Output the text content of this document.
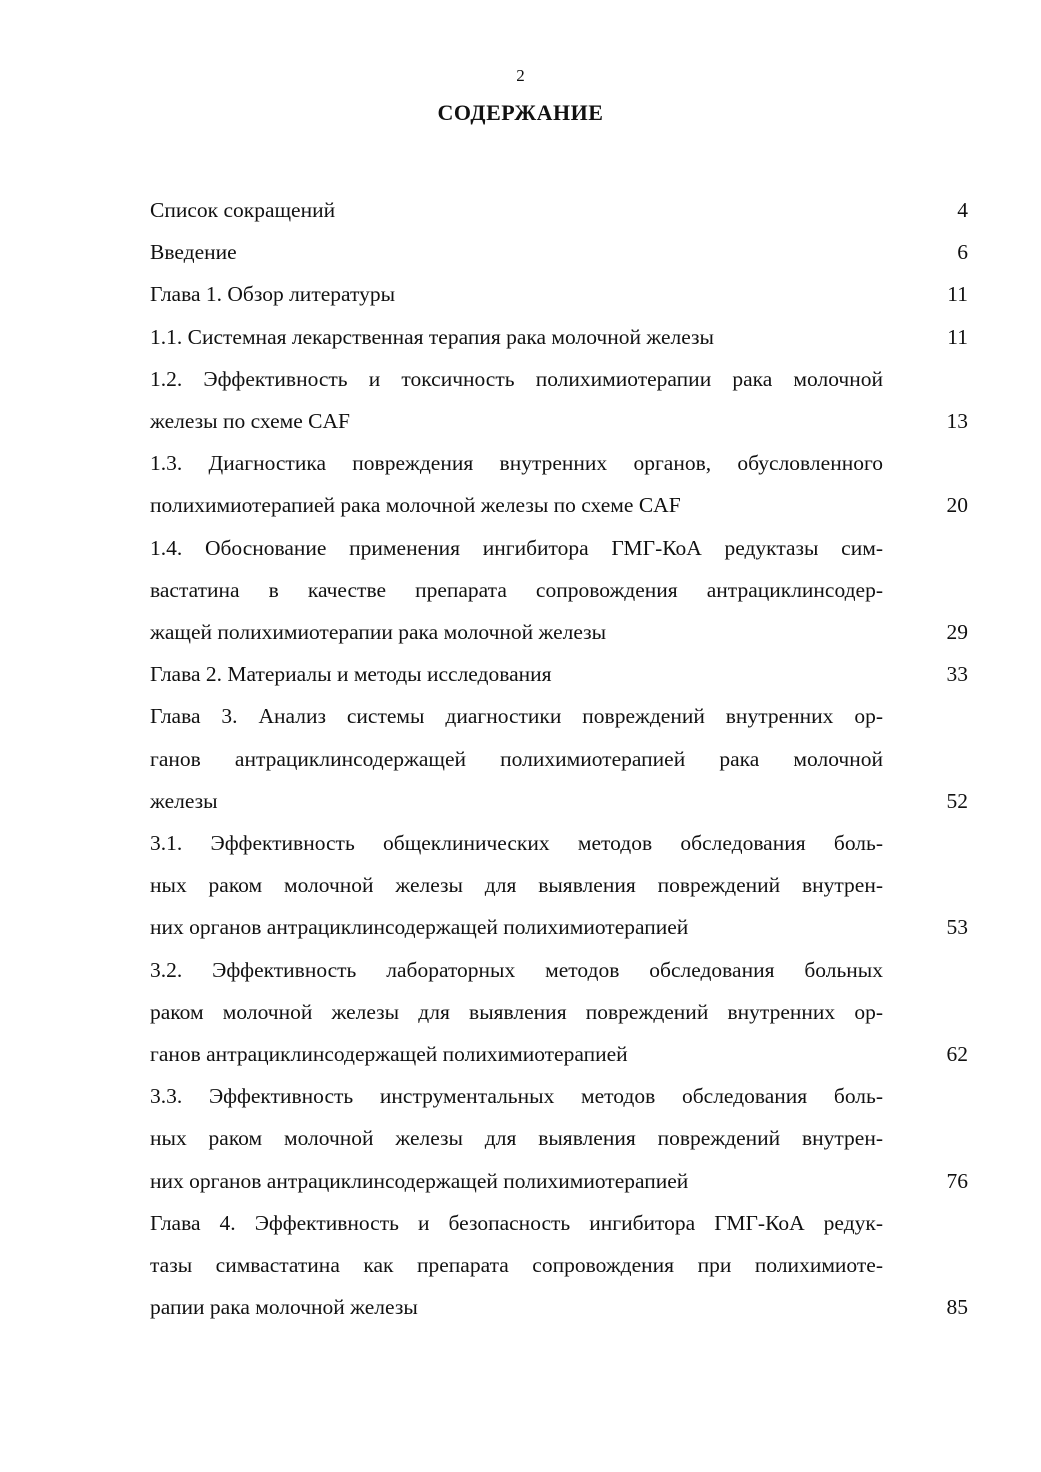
2
СОДЕРЖАНИЕ
Список сокращений	4
Введение	6
Глава 1. Обзор литературы	11
1.1. Системная лекарственная терапия рака молочной железы	11
1.2. Эффективность и токсичность полихимиотерапии рака молочной
железы по схеме CAF	13
1.3. Диагностика повреждения внутренних органов, обусловленного
полихимиотерапией рака молочной железы по схеме CAF	20
1.4. Обоснование применения ингибитора ГМГ-КоА редуктазы сим-
вастатина в качестве препарата сопровождения антрациклинсодер-
жащей полихимиотерапии рака молочной железы	29
Глава 2. Материалы и методы исследования	33
Глава 3. Анализ системы диагностики повреждений внутренних ор-
ганов антрациклинсодержащей полихимиотерапией рака молочной
железы	52
3.1. Эффективность общеклинических методов обследования боль-
ных раком молочной железы для выявления повреждений внутрен-
них органов антрациклинсодержащей полихимиотерапией	53
3.2. Эффективность лабораторных методов обследования больных
раком молочной железы для выявления повреждений внутренних ор-
ганов антрациклинсодержащей полихимиотерапией	62
3.3. Эффективность инструментальных методов обследования боль-
ных раком молочной железы для выявления повреждений внутрен-
них органов антрациклинсодержащей полихимиотерапией	76
Глава 4. Эффективность и безопасность ингибитора ГМГ-КоА редук-
тазы симвастатина как препарата сопровождения при полихимиоте-
рапии рака молочной железы	85
